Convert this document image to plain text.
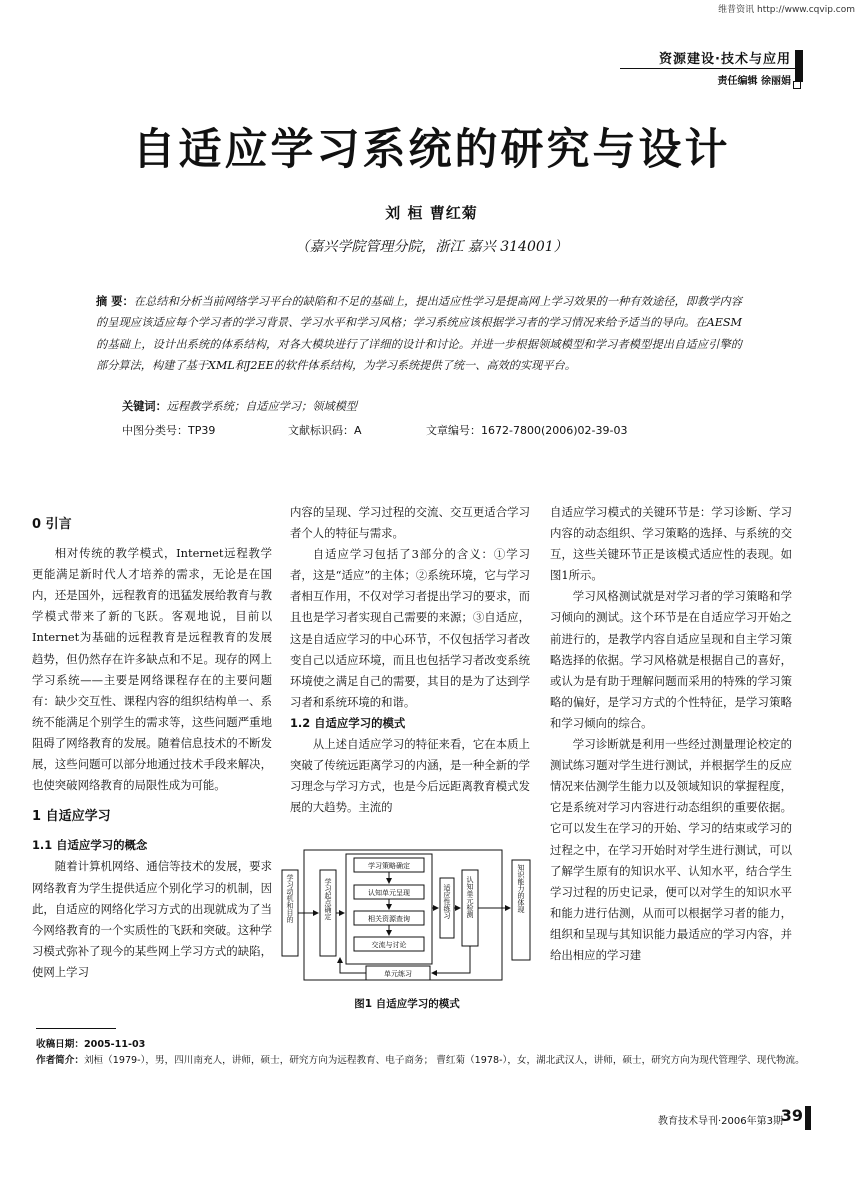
维普资讯 http://www.cqvip.com
资源建设·技术与应用
责任编辑 徐丽娟
自适应学习系统的研究与设计
刘 桓 曹红菊
（嘉兴学院管理分院，浙江 嘉兴 314001）
摘 要：在总结和分析当前网络学习平台的缺陷和不足的基础上，提出适应性学习是提高网上学习效果的一种有效途径，即教学内容的呈现应该适应每个学习者的学习背景、学习水平和学习风格；学习系统应该根据学习者的学习情况来给予适当的导向。在AESM的基础上，设计出系统的体系结构，对各大模块进行了详细的设计和讨论。并进一步根据领域模型和学习者模型提出自适应引擎的部分算法，构建了基于XML和J2EE的软件体系结构，为学习系统提供了统一、高效的实现平台。
关键词：远程教学系统；自适应学习；领域模型
中图分类号：TP39	文献标识码：A	文章编号：1672-7800(2006)02-39-03
0 引言

相对传统的教学模式，Internet远程教学更能满足新时代人才培养的需求，无论是在国内，还是国外，远程教育的迅猛发展给教育与教学模式带来了新的飞跃。客观地说，目前以Internet为基础的远程教育是远程教育的发展趋势，但仍然存在许多缺点和不足。现存的网上学习系统——主要是网络课程存在的主要问题有：缺少交互性、课程内容的组织结构单一、系统不能满足个别学生的需求等，这些问题严重地阻碍了网络教育的发展。随着信息技术的不断发展，这些问题可以部分地通过技术手段来解决，也使突破网络教育的局限性成为可能。

1 自适应学习
1.1 自适应学习的概念

随着计算机网络、通信等技术的发展，要求网络教育为学生提供适应个别化学习的机制，因此，自适应的网络化学习方式的出现就成为了当今网络教育的一个实质性的飞跃和突破。这种学习模式弥补了现今的某些网上学习方式的缺陷，使网上学习

内容的呈现、学习过程的交流、交互更适合学习者个人的特征与需求。

自适应学习包括了3部分的含义：①学习者，这是“适应”的主体；②系统环境，它与学习者相互作用，不仅对学习者提出学习的要求，而且也是学习者实现自己需要的来源；③自适应，这是自适应学习的中心环节，不仅包括学习者改变自己以适应环境，而且也包括学习者改变系统环境使之满足自己的需要，其目的是为了达到学习者和系统环境的和谐。

1.2 自适应学习的模式

从上述自适应学习的特征来看，它在本质上突破了传统远距离学习的内涵，是一种全新的学习理念与学习方式，也是今后远距离教育模式发展的大趋势。主流的

学习动机和目的	学习起点确定
学习策略确定
认知单元呈现
相关资源查询
交流与讨论
适应性练习 认知单元检测	知识能力的体现
单元练习
图1 自适应学习的模式

自适应学习模式的关键环节是：学习诊断、学习内容的动态组织、学习策略的选择、与系统的交互，这些关键环节正是该模式适应性的表现。如图1所示。

学习风格测试就是对学习者的学习策略和学习倾向的测试。这个环节是在自适应学习开始之前进行的，是教学内容自适应呈现和自主学习策略选择的依据。学习风格就是根据自己的喜好，或认为是有助于理解问题而采用的特殊的学习策略的偏好，是学习方式的个性特征，是学习策略和学习倾向的综合。

学习诊断就是利用一些经过测量理论校定的测试练习题对学生进行测试，并根据学生的反应情况来估测学生能力以及领域知识的掌握程度，它是系统对学习内容进行动态组织的重要依据。它可以发生在学习的开始、学习的结束或学习的过程之中，在学习开始时对学生进行测试，可以了解学生原有的知识水平、认知水平，结合学生学习过程的历史记录，便可以对学生的知识水平和能力进行估测，从而可以根据学习者的能力，组织和呈现与其知识能力最适应的学习内容，并给出相应的学习建

收稿日期：2005-11-03
作者简介：刘桓（1979-），男，四川南充人，讲师，硕士，研究方向为远程教育、电子商务； 曹红菊（1978-），女，湖北武汉人，讲师，硕士，研究方向为现代管理学、现代物流。
教育技术导刊·2006年第3期
39
